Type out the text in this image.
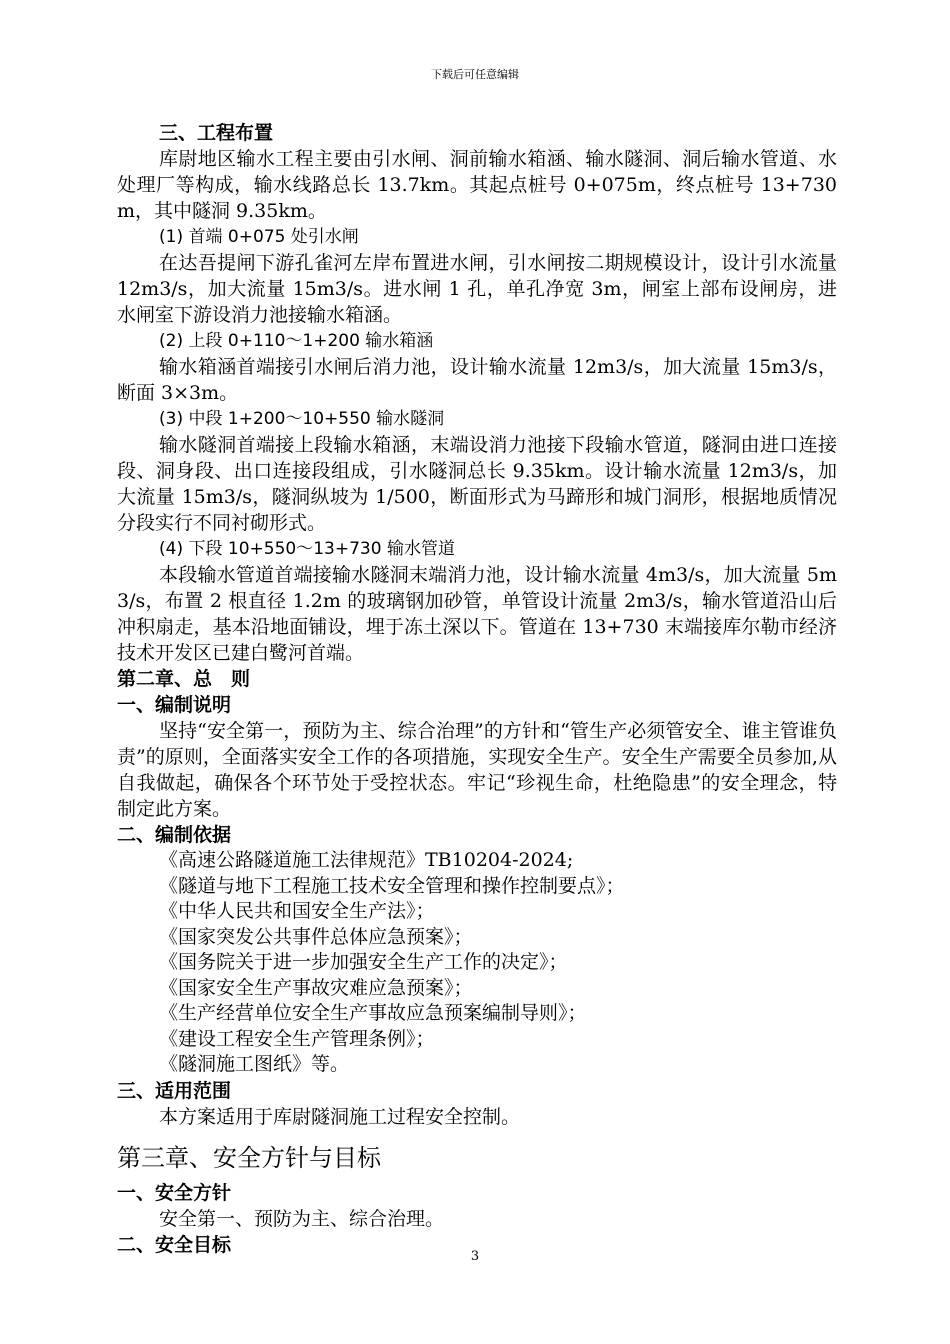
下载后可任意编辑

三、工程布置

库尉地区输水工程主要由引水闸、洞前输水箱涵、输水隧洞、洞后输水管道、水处理厂等构成，输水线路总长 13.7km。其起点桩号 0+075m，终点桩号 13+730m，其中隧洞 9.35km。

(1) 首端 0+075 处引水闸

在达吾提闸下游孔雀河左岸布置进水闸，引水闸按二期规模设计，设计引水流量 12m3/s，加大流量 15m3/s。进水闸 1 孔，单孔净宽 3m，闸室上部布设闸房，进水闸室下游设消力池接输水箱涵。

(2) 上段 0+110～1+200 输水箱涵

输水箱涵首端接引水闸后消力池，设计输水流量 12m3/s，加大流量 15m3/s，断面 3×3m。

(3) 中段 1+200～10+550 输水隧洞

输水隧洞首端接上段输水箱涵，末端设消力池接下段输水管道，隧洞由进口连接段、洞身段、出口连接段组成，引水隧洞总长 9.35km。设计输水流量 12m3/s，加大流量 15m3/s，隧洞纵坡为 1/500，断面形式为马蹄形和城门洞形，根据地质情况分段实行不同衬砌形式。

(4) 下段 10+550～13+730 输水管道

本段输水管道首端接输水隧洞末端消力池，设计输水流量 4m3/s，加大流量 5m3/s，布置 2 根直径 1.2m 的玻璃钢加砂管，单管设计流量 2m3/s，输水管道沿山后冲积扇走，基本沿地面铺设，埋于冻土深以下。管道在 13+730 末端接库尔勒市经济技术开发区已建白鹭河首端。

第二章、总　则

一、编制说明

坚持“安全第一，预防为主、综合治理”的方针和“管生产必须管安全、谁主管谁负责”的原则，全面落实安全工作的各项措施，实现安全生产。安全生产需要全员参加,从自我做起，确保各个环节处于受控状态。牢记“珍视生命，杜绝隐患”的安全理念，特制定此方案。

二、编制依据

《高速公路隧道施工法律规范》TB10204-2024;

《隧道与地下工程施工技术安全管理和操作控制要点》；

《中华人民共和国安全生产法》；

《国家突发公共事件总体应急预案》；

《国务院关于进一步加强安全生产工作的决定》；

《国家安全生产事故灾难应急预案》；

《生产经营单位安全生产事故应急预案编制导则》；

《建设工程安全生产管理条例》；

《隧洞施工图纸》等。

三、适用范围

本方案适用于库尉隧洞施工过程安全控制。

第三章、安全方针与目标

一、安全方针

安全第一、预防为主、综合治理。

二、安全目标

3
